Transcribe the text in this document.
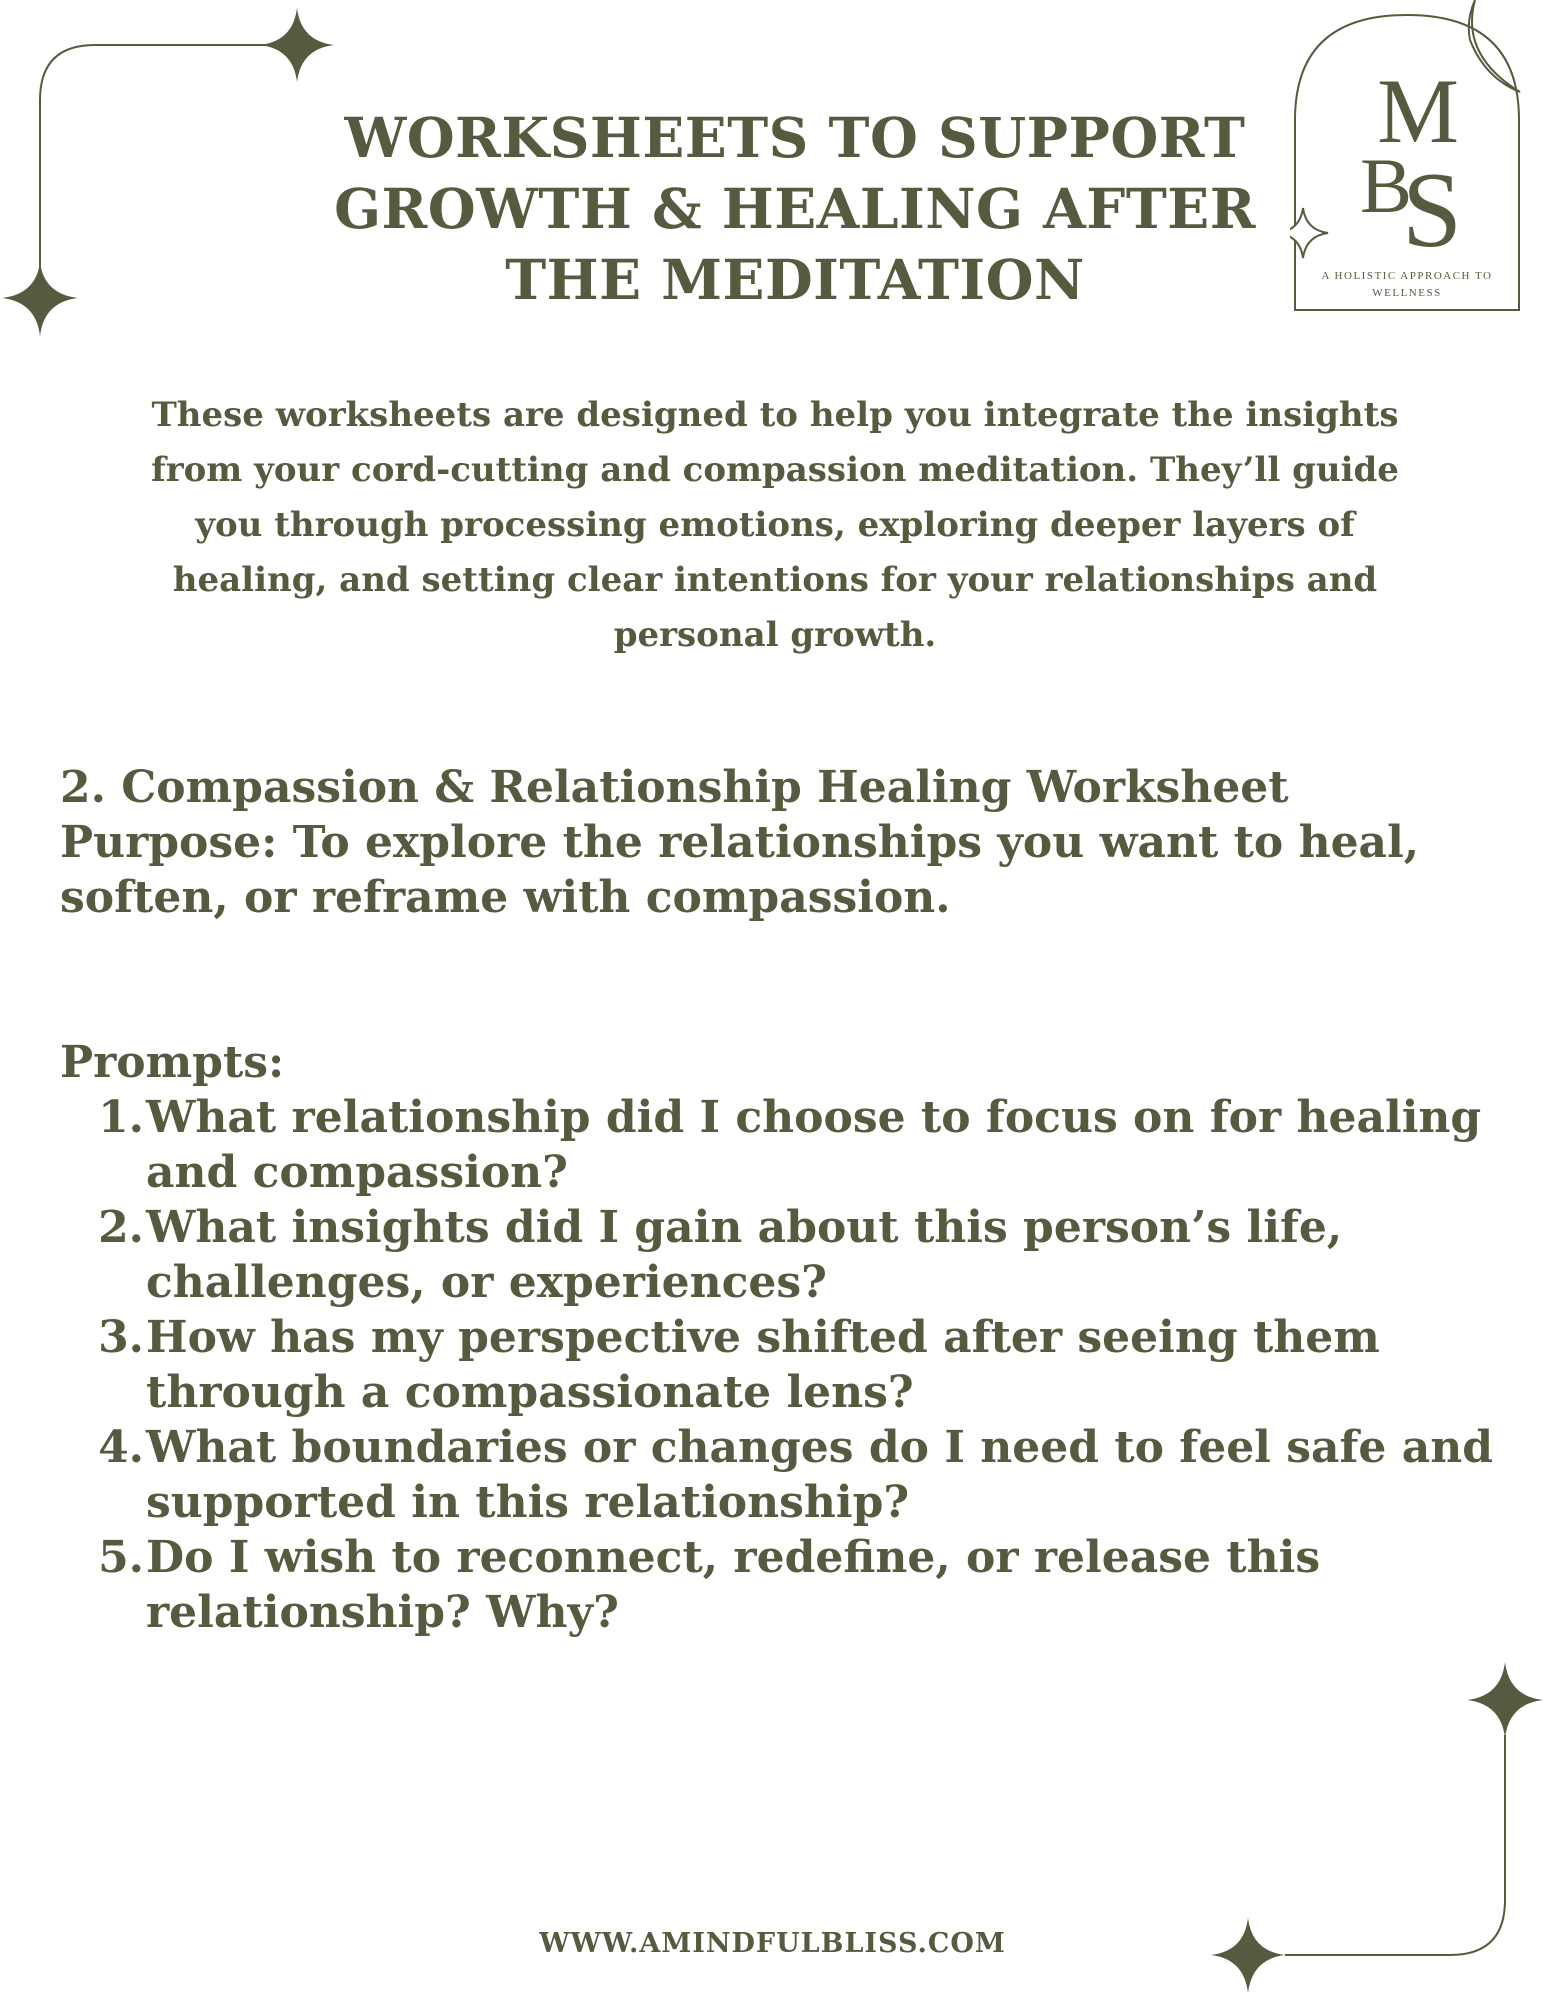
M
B
S
A HOLISTIC APPROACH TO
WELLNESS
WORKSHEETS TO SUPPORT
GROWTH & HEALING AFTER
THE MEDITATION

These worksheets are designed to help you integrate the insights
from your cord-cutting and compassion meditation. They’ll guide
you through processing emotions, exploring deeper layers of
healing, and setting clear intentions for your relationships and
personal growth.

2. Compassion & Relationship Healing Worksheet
Purpose: To explore the relationships you want to heal,
soften, or reframe with compassion.
Prompts:
1. What relationship did I choose to focus on for healing
and compassion?
2. What insights did I gain about this person’s life,
challenges, or experiences?
3. How has my perspective shifted after seeing them
through a compassionate lens?
4. What boundaries or changes do I need to feel safe and
supported in this relationship?
5. Do I wish to reconnect, redefine, or release this
relationship? Why?
WWW.AMINDFULBLISS.COM
